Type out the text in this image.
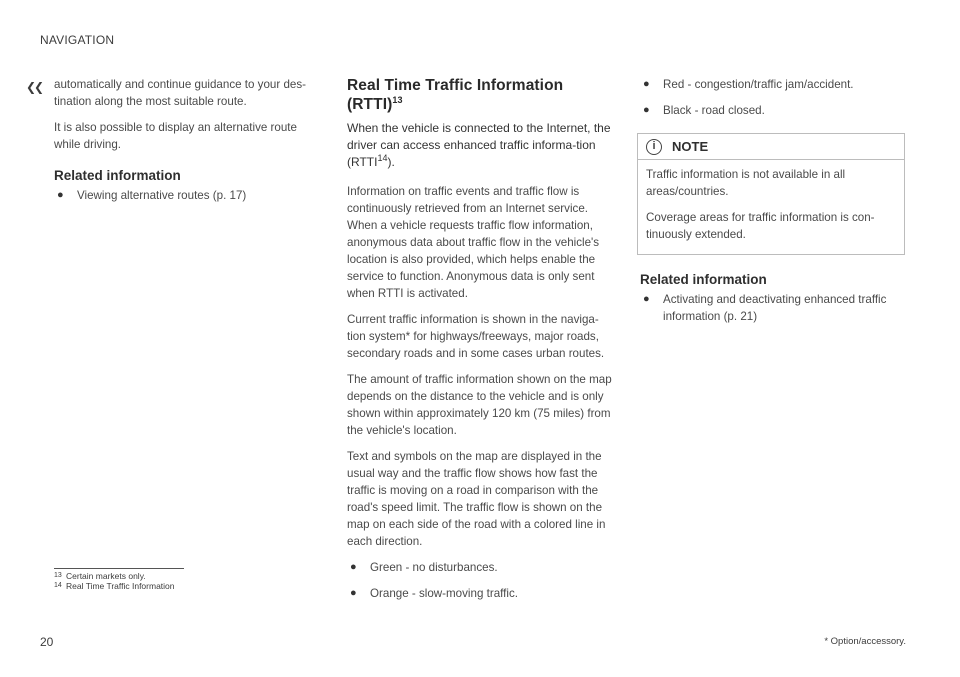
NAVIGATION
❮❮ automatically and continue guidance to your des-tination along the most suitable route.

It is also possible to display an alternative route while driving.

Related information
● Viewing alternative routes (p. 17)
Real Time Traffic Information (RTTI)$^{13}$

When the vehicle is connected to the Internet, the driver can access enhanced traffic informa-tion (RTTI$^{14}$).

Information on traffic events and traffic flow is continuously retrieved from an Internet service. When a vehicle requests traffic flow information, anonymous data about traffic flow in the vehicle's location is also provided, which helps enable the service to function. Anonymous data is only sent when RTTI is activated.

Current traffic information is shown in the naviga-tion system* for highways/freeways, major roads, secondary roads and in some cases urban routes.

The amount of traffic information shown on the map depends on the distance to the vehicle and is only shown within approximately 120 km (75 miles) from the vehicle's location.

Text and symbols on the map are displayed in the usual way and the traffic flow shows how fast the traffic is moving on a road in comparison with the road's speed limit. The traffic flow is shown on the map on each side of the road with a colored line in each direction.

● Green - no disturbances.
● Orange - slow-moving traffic.
● Red - congestion/traffic jam/accident.
● Black - road closed.
i	NOTE

Traffic information is not available in all areas/countries.

Coverage areas for traffic information is con-tinuously extended.

Related information
● Activating and deactivating enhanced traffic information (p. 21)
13 Certain markets only.
14 Real Time Traffic Information
20	* Option/accessory.
